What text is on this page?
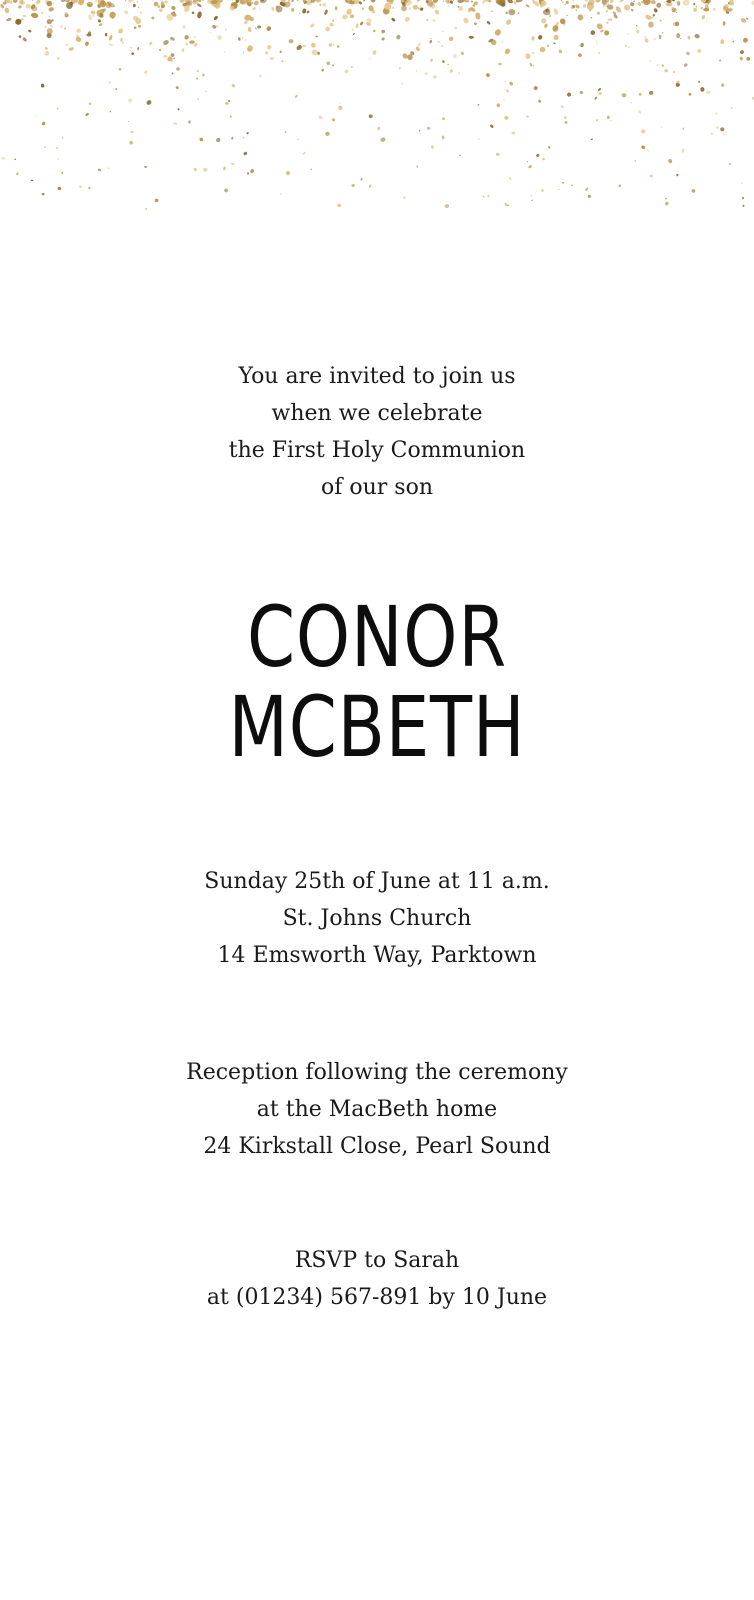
You are invited to join us

when we celebrate

the First Holy Communion

of our son

CONOR
MCBETH

Sunday 25th of June at 11 a.m.

St. Johns Church

14 Emsworth Way, Parktown

Reception following the ceremony

at the MacBeth home

24 Kirkstall Close, Pearl Sound

RSVP to Sarah

at (01234) 567-891 by 10 June
